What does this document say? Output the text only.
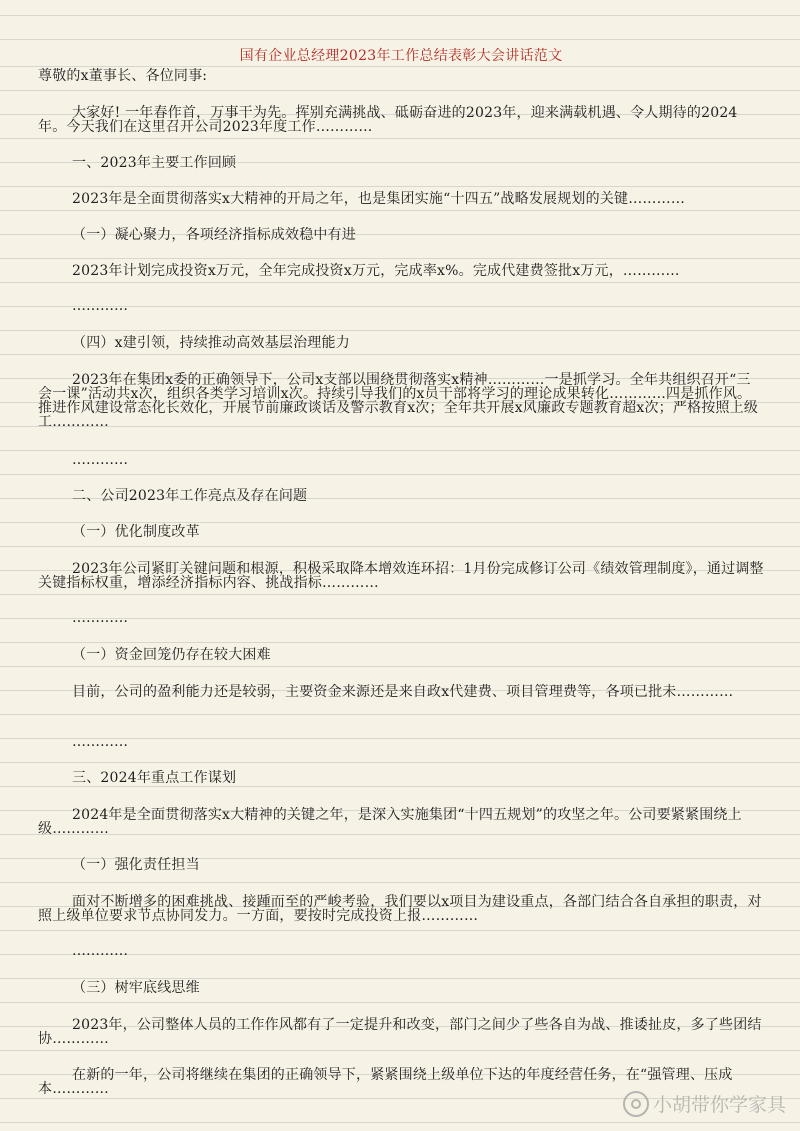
国有企业总经理2023年工作总结表彰大会讲话范文
尊敬的x董事长、各位同事:
大家好! 一年春作首，万事干为先。挥别充满挑战、砥砺奋进的2023年，迎来满载机遇、令人期待的2024年。今天我们在这里召开公司2023年度工作…………
一、2023年主要工作回顾
2023年是全面贯彻落实x大精神的开局之年，也是集团实施“十四五”战略发展规划的关键…………
（一）凝心聚力，各项经济指标成效稳中有进
2023年计划完成投资x万元，全年完成投资x万元，完成率x%。完成代建费签批x万元，…………
…………
（四）x建引领，持续推动高效基层治理能力
2023年在集团x委的正确领导下，公司x支部以围绕贯彻落实x精神…………一是抓学习。全年共组织召开“三会一课”活动共x次，组织各类学习培训x次。持续引导我们的x员干部将学习的理论成果转化…………四是抓作风。推进作风建设常态化长效化，开展节前廉政谈话及警示教育x次；全年共开展x风廉政专题教育超x次；严格按照上级工…………
…………
二、公司2023年工作亮点及存在问题
（一）优化制度改革
2023年公司紧盯关键问题和根源，积极采取降本增效连环招：1月份完成修订公司《绩效管理制度》，通过调整关键指标权重，增添经济指标内容、挑战指标…………
…………
（一）资金回笼仍存在较大困难
目前，公司的盈利能力还是较弱，主要资金来源还是来自政x代建费、项目管理费等，各项已批未…………
…………
三、2024年重点工作谋划
2024年是全面贯彻落实x大精神的关键之年，是深入实施集团“十四五规划”的攻坚之年。公司要紧紧围绕上级…………
（一）强化责任担当
面对不断增多的困难挑战、接踵而至的严峻考验，我们要以x项目为建设重点，各部门结合各自承担的职责，对照上级单位要求节点协同发力。一方面，要按时完成投资上报…………
…………
（三）树牢底线思维
2023年，公司整体人员的工作作风都有了一定提升和改变，部门之间少了些各自为战、推诿扯皮，多了些团结协…………
在新的一年，公司将继续在集团的正确领导下，紧紧围绕上级单位下达的年度经营任务，在“强管理、压成本…………
小胡带你学家具
